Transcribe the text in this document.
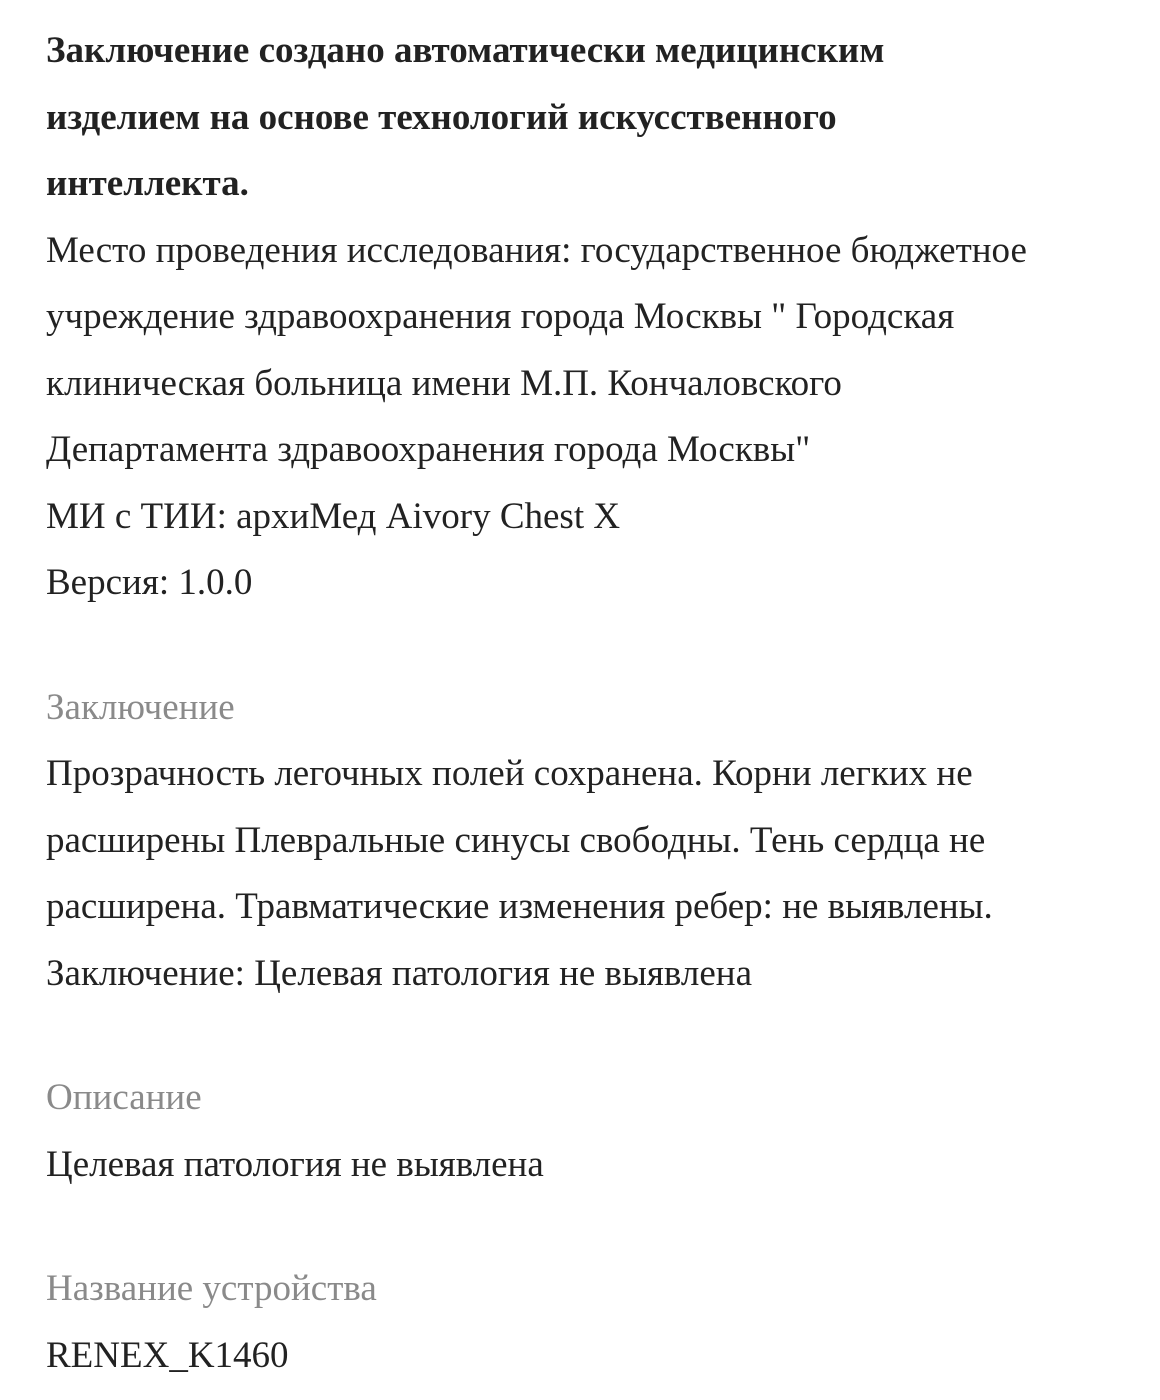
Заключение создано автоматически медицинским
изделием на основе технологий искусственного
интеллекта.
Место проведения исследования: государственное бюджетное
учреждение здравоохранения города Москвы " Городская
клиническая больница имени М.П. Кончаловского
Департамента здравоохранения города Москвы"
МИ с ТИИ: архиМед Aivory Chest X
Версия: 1.0.0
Заключение
Прозрачность легочных полей сохранена. Корни легких не
расширены Плевральные синусы свободны. Тень сердца не
расширена. Травматические изменения ребер: не выявлены.
Заключение: Целевая патология не выявлена
Описание
Целевая патология не выявлена
Название устройства
RENEX_K1460
